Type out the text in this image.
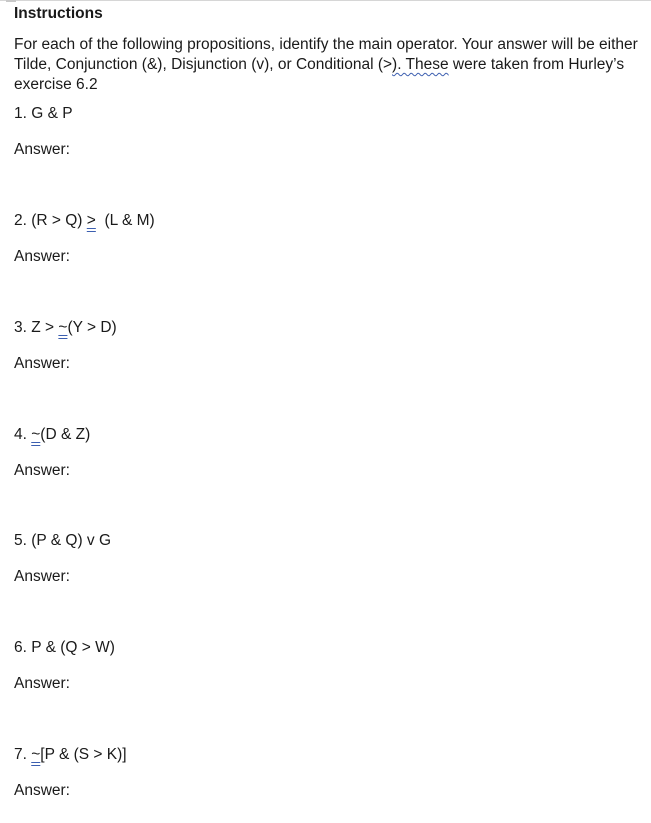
Instructions
For each of the following propositions, identify the main operator. Your answer will be either Tilde, Conjunction (&), Disjunction (v), or Conditional (>). These were taken from Hurley’s exercise 6.2
1. G & P
Answer:
2. (R > Q) >  (L & M)
Answer:
3. Z > ~(Y > D)
Answer:
4. ~(D & Z)
Answer:
5. (P & Q) v G
Answer:
6. P & (Q > W)
Answer:
7. ~[P & (S > K)]
Answer:
